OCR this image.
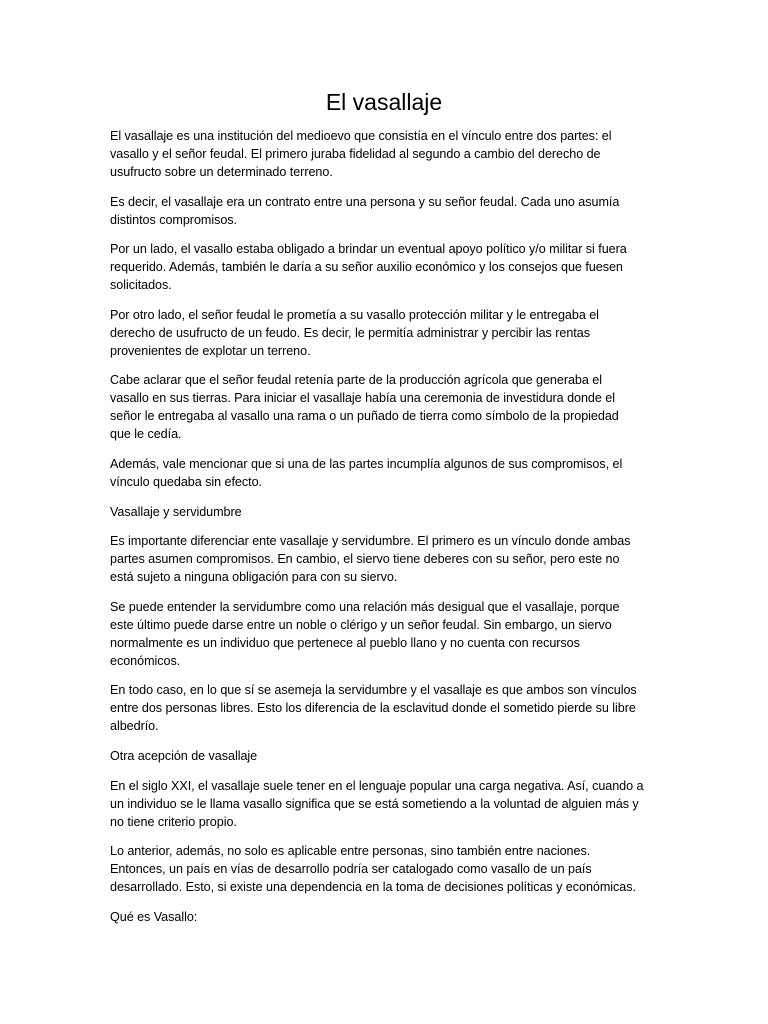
El vasallaje

El vasallaje es una institución del medioevo que consistía en el vínculo entre dos partes: el
vasallo y el señor feudal. El primero juraba fidelidad al segundo a cambio del derecho de
usufructo sobre un determinado terreno.

Es decir, el vasallaje era un contrato entre una persona y su señor feudal. Cada uno asumía
distintos compromisos.

Por un lado, el vasallo estaba obligado a brindar un eventual apoyo político y/o militar si fuera
requerido. Además, también le daría a su señor auxilio económico y los consejos que fuesen
solicitados.

Por otro lado, el señor feudal le prometía a su vasallo protección militar y le entregaba el
derecho de usufructo de un feudo. Es decir, le permitía administrar y percibir las rentas
provenientes de explotar un terreno.

Cabe aclarar que el señor feudal retenía parte de la producción agrícola que generaba el
vasallo en sus tierras. Para iniciar el vasallaje había una ceremonia de investidura donde el
señor le entregaba al vasallo una rama o un puñado de tierra como símbolo de la propiedad
que le cedía.

Además, vale mencionar que si una de las partes incumplía algunos de sus compromisos, el
vínculo quedaba sin efecto.

Vasallaje y servidumbre

Es importante diferenciar ente vasallaje y servidumbre. El primero es un vínculo donde ambas
partes asumen compromisos. En cambio, el siervo tiene deberes con su señor, pero este no
está sujeto a ninguna obligación para con su siervo.

Se puede entender la servidumbre como una relación más desigual que el vasallaje, porque
este último puede darse entre un noble o clérigo y un señor feudal. Sin embargo, un siervo
normalmente es un individuo que pertenece al pueblo llano y no cuenta con recursos
económicos.

En todo caso, en lo que sí se asemeja la servidumbre y el vasallaje es que ambos son vínculos
entre dos personas libres. Esto los diferencia de la esclavitud donde el sometido pierde su libre
albedrío.

Otra acepción de vasallaje

En el siglo XXI, el vasallaje suele tener en el lenguaje popular una carga negativa. Así, cuando a
un individuo se le llama vasallo significa que se está sometiendo a la voluntad de alguien más y
no tiene criterio propio.

Lo anterior, además, no solo es aplicable entre personas, sino también entre naciones.
Entonces, un país en vías de desarrollo podría ser catalogado como vasallo de un país
desarrollado. Esto, si existe una dependencia en la toma de decisiones políticas y económicas.

Qué es Vasallo:
